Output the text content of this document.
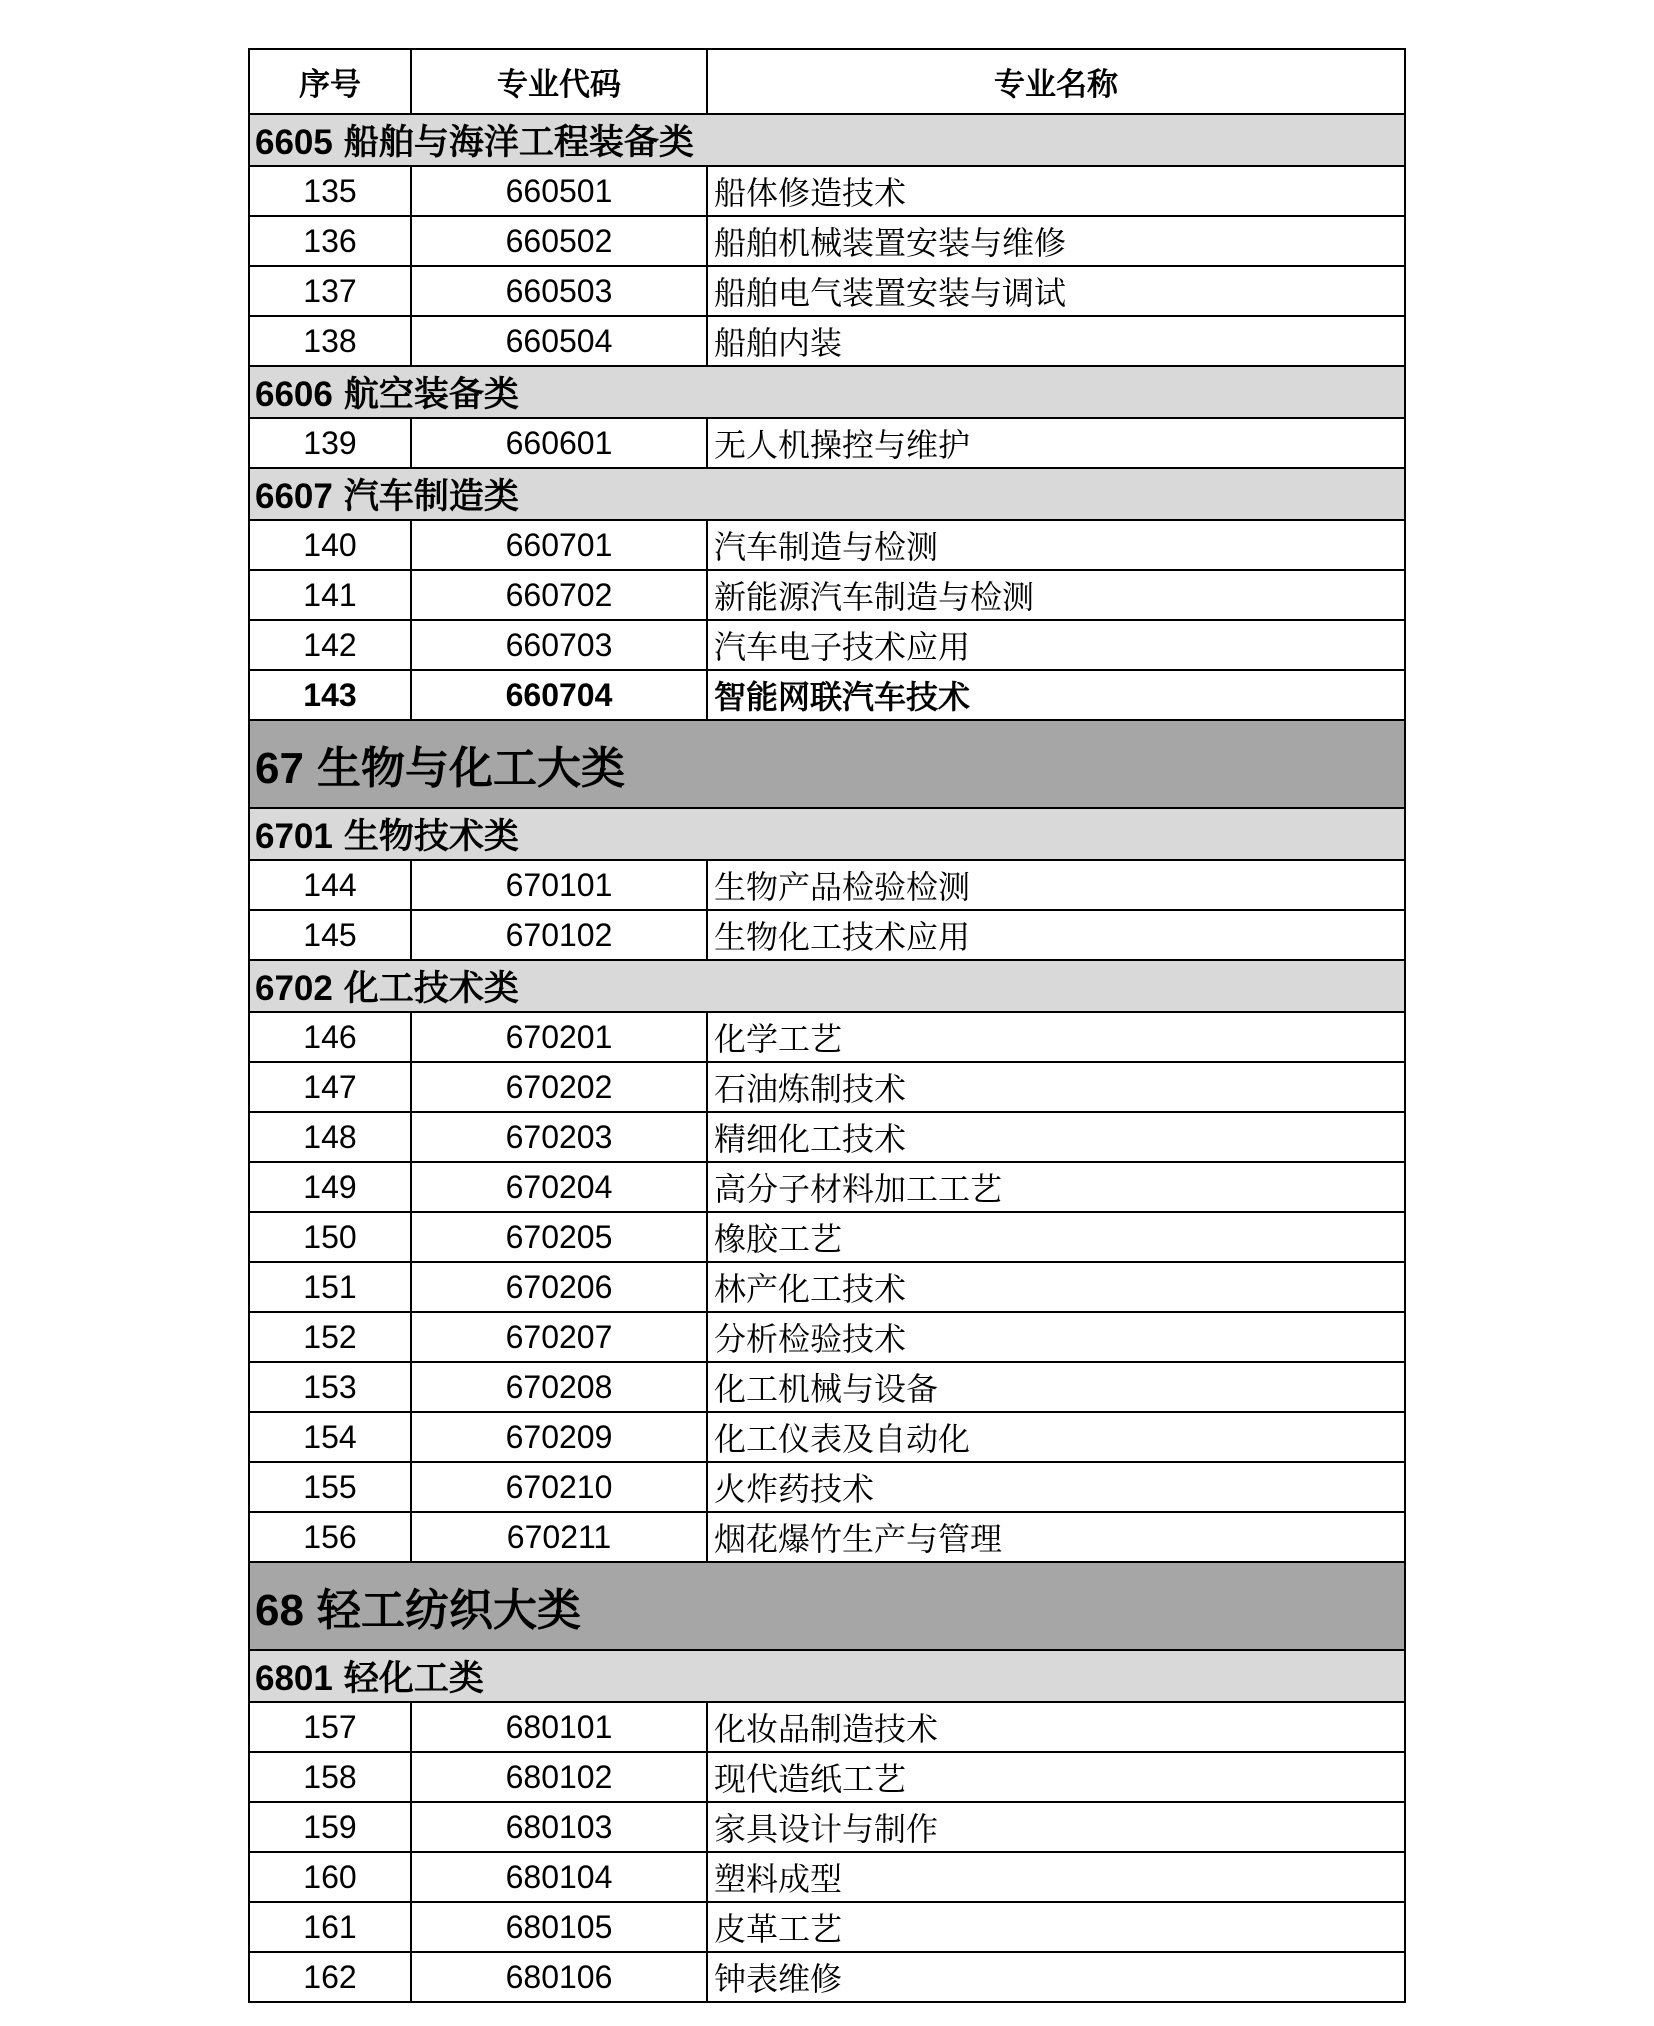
序号	专业代码	专业名称
6605 船舶与海洋工程装备类		
135	660501	船体修造技术
136	660502	船舶机械装置安装与维修
137	660503	船舶电气装置安装与调试
138	660504	船舶内装
6606 航空装备类		
139	660601	无人机操控与维护
6607 汽车制造类		
140	660701	汽车制造与检测
141	660702	新能源汽车制造与检测
142	660703	汽车电子技术应用
143	660704	智能网联汽车技术
67 生物与化工大类		
6701 生物技术类		
144	670101	生物产品检验检测
145	670102	生物化工技术应用
6702 化工技术类		
146	670201	化学工艺
147	670202	石油炼制技术
148	670203	精细化工技术
149	670204	高分子材料加工工艺
150	670205	橡胶工艺
151	670206	林产化工技术
152	670207	分析检验技术
153	670208	化工机械与设备
154	670209	化工仪表及自动化
155	670210	火炸药技术
156	670211	烟花爆竹生产与管理
68 轻工纺织大类		
6801 轻化工类		
157	680101	化妆品制造技术
158	680102	现代造纸工艺
159	680103	家具设计与制作
160	680104	塑料成型
161	680105	皮革工艺
162	680106	钟表维修
